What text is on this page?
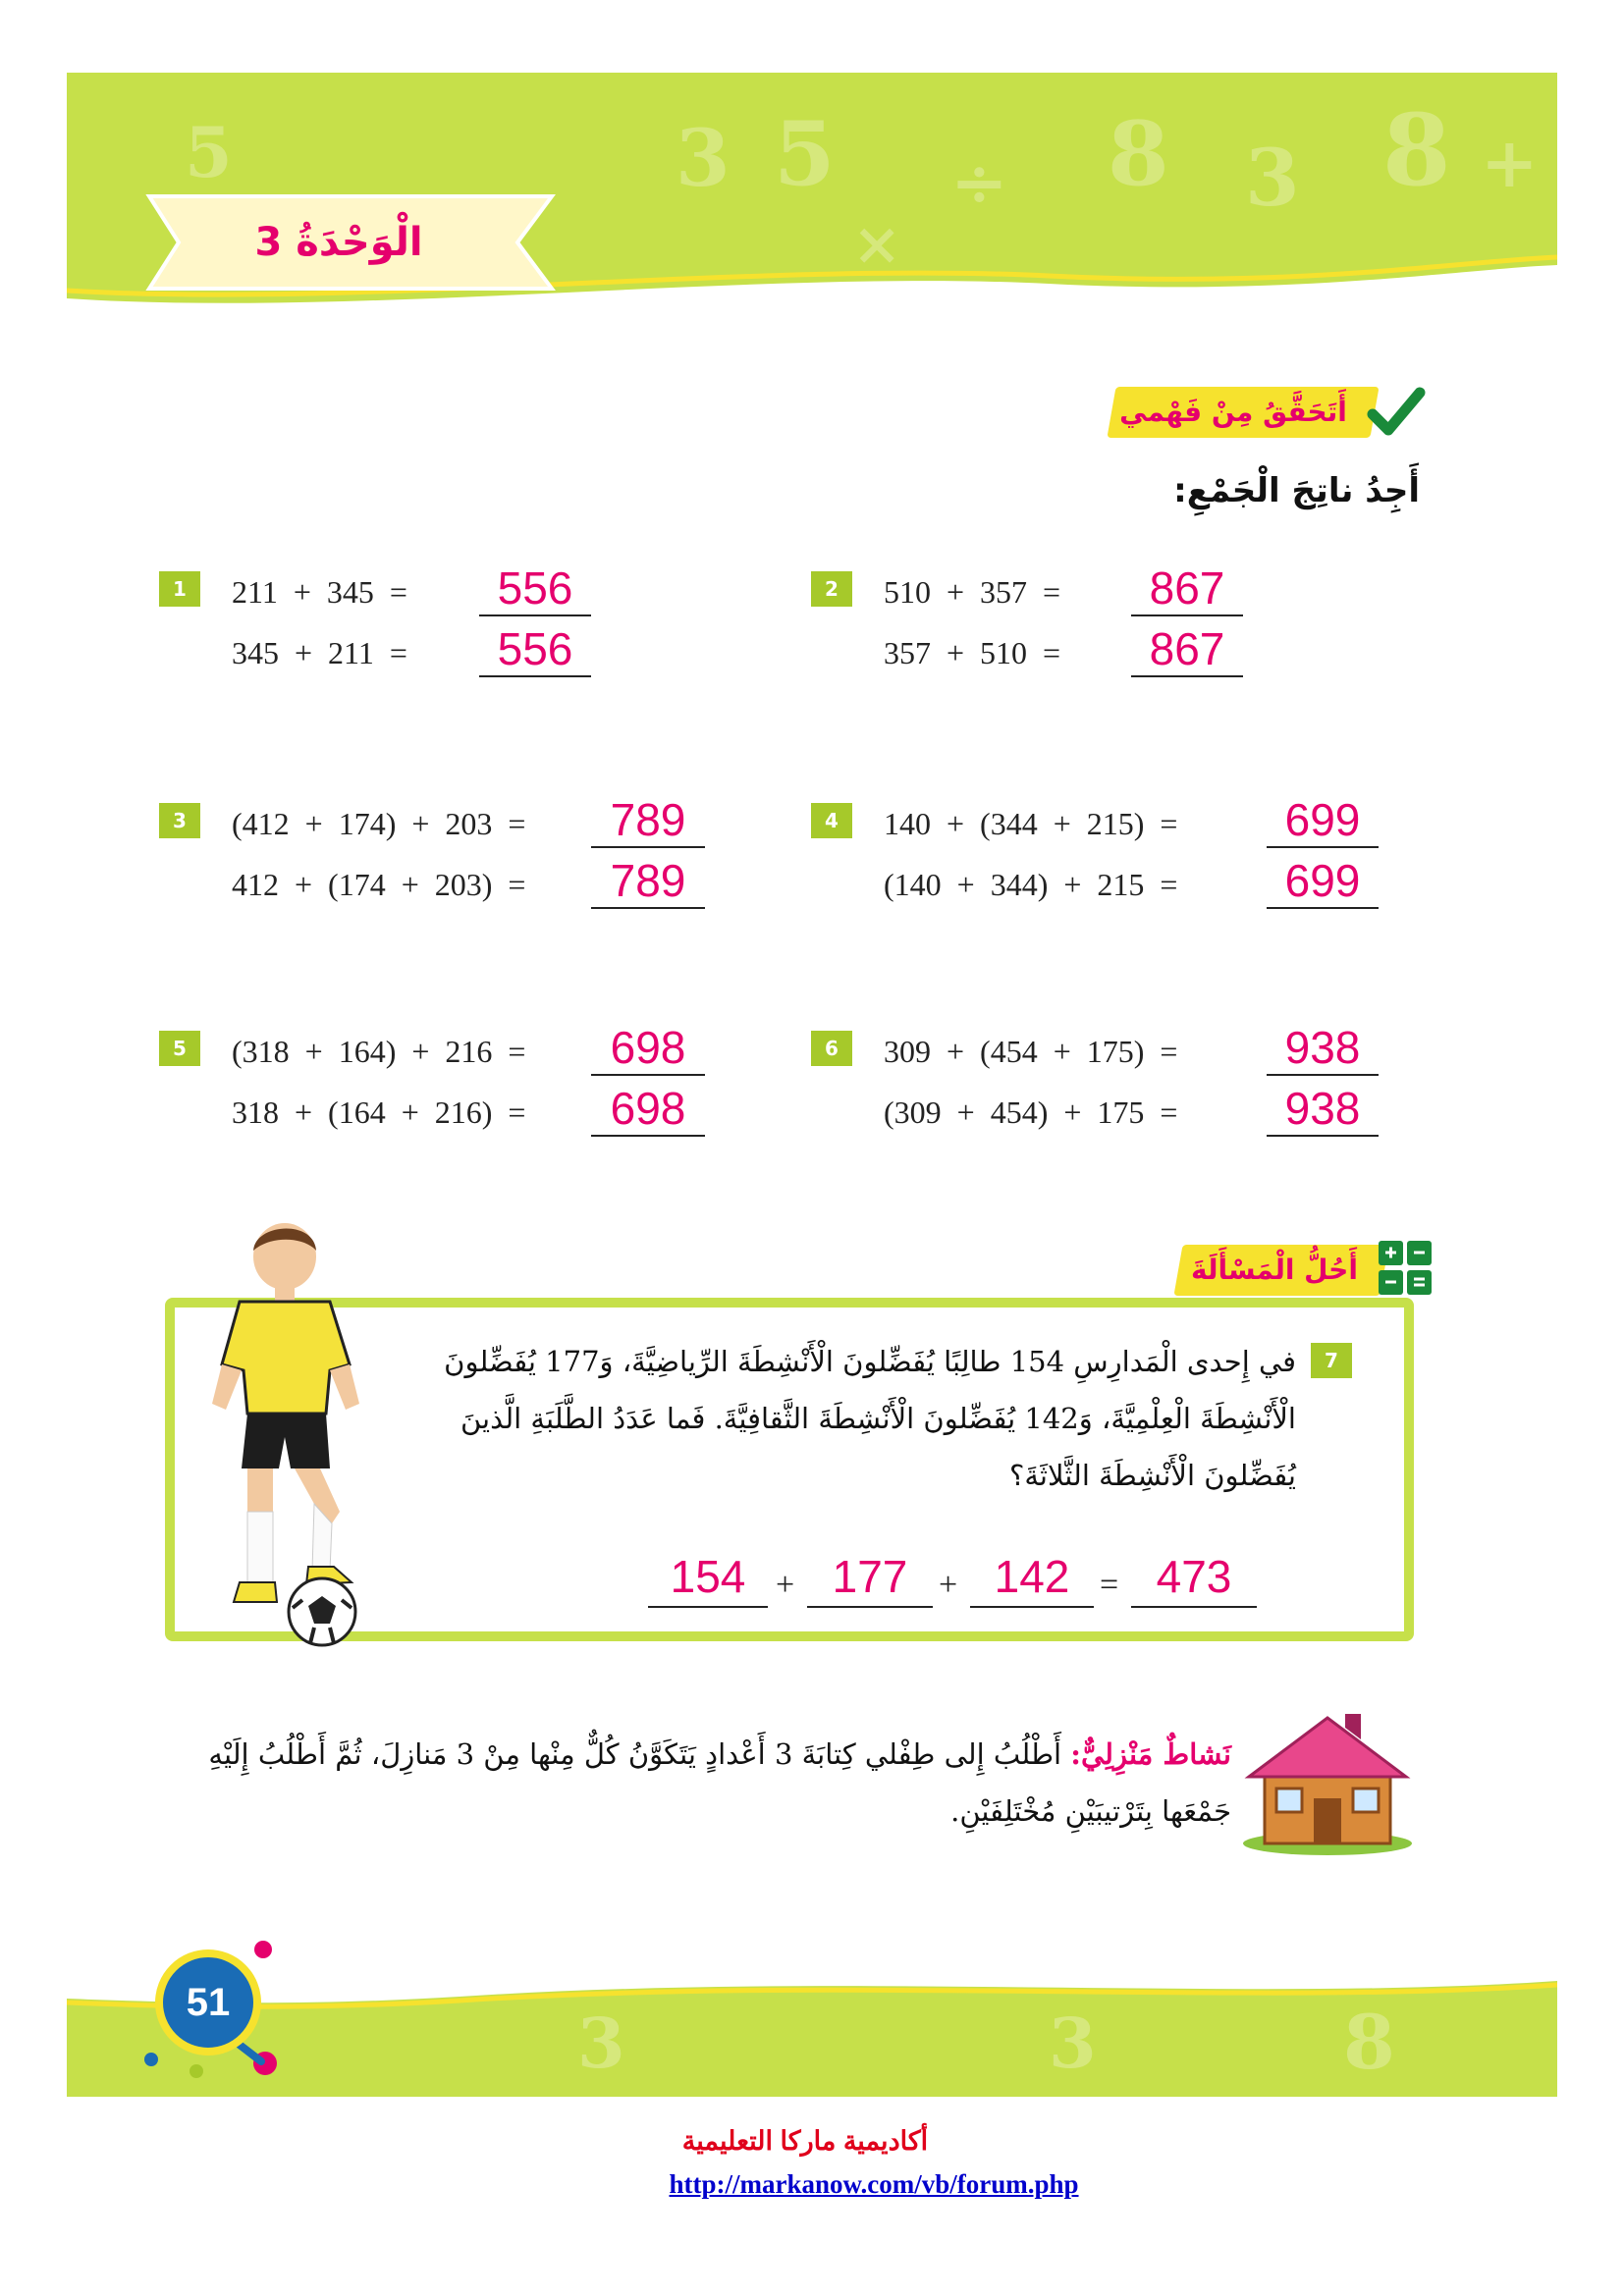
3 5 ÷ 8 3 8 +
5
×
الْوَحْدَةُ 3
أَتَحَقَّقُ مِنْ فَهْمي
أَجِدُ ناتِجَ الْجَمْعِ:
1	211  +  345  =	556
345  +  211  =	556
2	510  +  357  =	867
357  +  510  =	867
3	(412  +  174)  +  203  =	789
412  +  (174  +  203)  =	789
4	140  +  (344  +  215)  =	699
(140  +  344)  +  215  =	699
5	(318  +  164)  +  216  =	698
318  +  (164  +  216)  =	698
6	309  +  (454  +  175)  =	938
(309  +  454)  +  175  =	938
أَحُلُّ الْمَسْأَلَةَ
7
في إِحدى الْمَدارِسِ 154 طالِبًا يُفَضِّلونَ الْأَنْشِطَةَ الرِّياضِيَّةَ، وَ177 يُفَضِّلونَ الْأَنْشِطَةَ الْعِلْمِيَّةَ، وَ142 يُفَضِّلونَ الْأَنْشِطَةَ الثَّقافِيَّةَ. فَما عَدَدُ الطَّلَبَةِ الَّذينَ يُفَضِّلونَ الْأَنْشِطَةَ الثَّلاثَةَ؟
154 + 177 + 142 = 473
نَشاطٌ مَنْزِلِيٌّ: أَطْلُبُ إِلى طِفْلي كِتابَةَ 3 أَعْدادٍ يَتَكَوَّنُ كُلٌّ مِنْها مِنْ 3 مَنازِلَ، ثُمَّ أَطْلُبُ إِلَيْهِ جَمْعَها بِتَرْتيبَيْنِ مُخْتَلِفَيْنِ.
3	3	8
51
أكاديمية ماركا التعليمية
http://markanow.com/vb/forum.php
